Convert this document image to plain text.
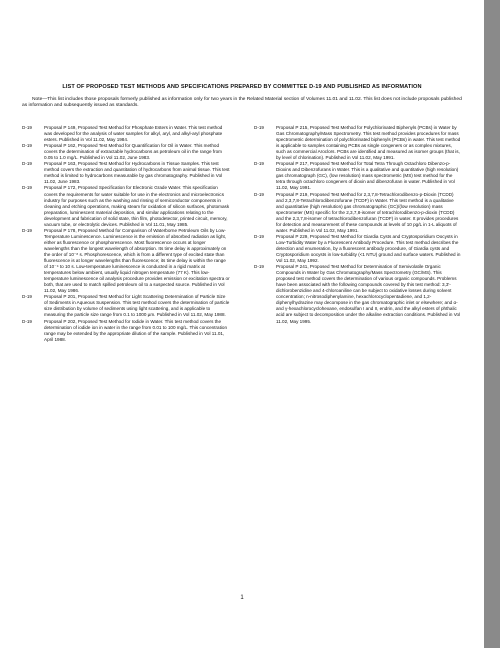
LIST OF PROPOSED TEST METHODS AND SPECIFICATIONS PREPARED BY COMMITTEE D-19 AND PUBLISHED AS INFORMATION
Note—This list includes those proposals formerly published as information only for two years in the Related Material section of Volumes 11.01 and 11.02. This list does not include proposals published as information and subsequently issued as standards.
D-19	Proposal P 149, Proposed Test Method for Phosphate Esters in Water. This test method was developed for the analysis of water samples for alkyl, aryl, and alkyl-aryl phosphate esters. Published in Vol 11.02, May 1984.
D-19	Proposal P 162, Proposed Test Method for Quantification for Oil in Water. This method covers the determination of extractable hydrocarbons as petroleum oil in the range from 0.05 to 1.0 mg/L. Published in Vol 11.02, June 1983.
D-19	Proposal P 163, Proposed Test Method for Hydrocarbons in Tissue Samples. This test method covers the extraction and quantitation of hydrocarbons from animal tissue. This test method is limited to hydrocarbons measurable by gas chromatography. Published in Vol 11.02, June 1983.
D-19	Proposal P 172, Proposed Specification for Electronic Grade Water. This specification covers the requirements for water suitable for use in the electronics and microelectronics industry for purposes such as the washing and rinsing of semiconductor components in cleaning and etching operations, making steam for oxidation of silicon surfaces, photomask preparation, luminescent material deposition, and similar applications relating to the development and fabrication of solid state, thin film, photodetector, printed circuit, memory, vacuum tube, or electrolytic devices. Published in Vol 11.01, May 1985.
D-19	Proposal P 178, Proposed Method for Comparison of Waterborne Petroleum Oils by Low-Temperature Luminescence. Luminescence is the emission of absorbed radiation as light, either as fluorescence or phosphorescence. Most fluorescence occurs at longer wavelengths than the longest wavelength of absorption. Its time delay is approximately on the order of 10⁻⁸ s. Phosphorescence, which is from a different type of excited state than fluorescence is at longer wavelengths than fluorescence; its time delay is within the range of 10⁻⁴ to 10 s. Low-temperature luminescence is conducted in a rigid matrix at temperatures below ambient, usually liquid nitrogen temperature (77 K). This low-temperature luminescence oil analysis procedure provides emission or excitation spectra or both, that are used to match spilled petroleum oil to a suspected source. Published in Vol 11.02, May 1986.
D-19	Proposal P 201, Proposed Test Method for Light Scattering Determination of Particle Size of Sediments in Aqueous Suspension. This test method covers the determination of particle size distribution by volume of sediments using light scattering, and is applicable to measuring the particle size range from 0.1 to 1000 µm. Published in Vol 11.02, May 1988.
D-19	Proposal P 202, Proposed Test Method for Iodide in Water. This test method covers the determination of iodide ion in water in the range from 0.01 to 100 mg/L. This concentration range may be extended by the appropriate dilution of the sample. Published in Vol 11.01, April 1988.
D-19	Proposal P 215, Proposed Test Method for Polychlorinated Biphenyls (PCBs) in Water by Gas Chromatography/Mass Spectrometry. This test method provides procedures for mass spectrometric determination of polychlorinated biphenyls (PCBs) in water. This test method is applicable to samples containing PCBs as single congeners or as complex mixtures, such as commercial Aroclors. PCBs are identified and measured as isomer groups (that is, by level of chlorination). Published in Vol 11.02, May 1991.
D-19	Proposal P 217, Proposed Test Method for Total Tetra Through Octachloro Dibenzo-p-Dioxins and Dibenzofurans in Water. This is a qualitative and quantitative (high resolution) gas chromatograph (GC), (low resolution) mass spectrometric (MS) test method for the tetra through octachloro congeners of dioxin and dibenzofuran in water. Published in Vol 11.02, May 1991.
D-19	Proposal P 219, Proposed Test Method for 2,3,7,8-Tetrachlorodibenzo-p-Dioxin (TCDD) and 2,3,7,8-Tetrachlorodibenzofurane (TCDF) in Water. This test method is a qualitative and quantitative (high resolution) gas chromatographic (GC)/(low resolution) mass spectrometer (MS) specific for the 2,3,7,8-isomer of tetrachlorodibenzo-p-dioxin (TCDD) and the 2,3,7,8-isomer of tetrachlorodibenzofuran (TCDF) in water. It provides procedures for detection and measurement of these compounds at levels of 10 pg/L in 1-L aliquots of water. Published in Vol 11.02, May 1991.
D-19	Proposal P 229, Proposed Test Method for Giardia Cysts and Cryptosporidium Oocysts in Low-Turbidity Water by a Fluorescent Antibody Procedure. This test method describes the detection and enumeration, by a fluorescent antibody procedure, of Giardia cysts and Cryptosporidium oocysts in low-turbidity (<1 NTU) ground and surface waters. Published in Vol 11.02, May 1992.
D-19	Proposal P 241, Proposed Test Method for Determination of Semivolatile Organic Compounds in Water by Gas Chromatography/Mass Spectrometry (GC/MS). This proposed test method covers the determination of various organic compounds. Problems have been associated with the following compounds covered by this test method: 3,3′-dichlorobenzidine and 4-chloroaniline can be subject to oxidative losses during solvent concentration; n-nitrosodiphenylamine, hexachlorocyclopentadiene, and 1,2-diphenylhydrazine may decompose in the gas chromatographic inlet or elsewhere; and α- and γ-hexachlorocyclohexane, endosulfan I and II, endrin, and the alkyl esters of phthalic acid are subject to decomposition under the alkaline extraction conditions. Published in Vol 11.02, May 1995.
1
